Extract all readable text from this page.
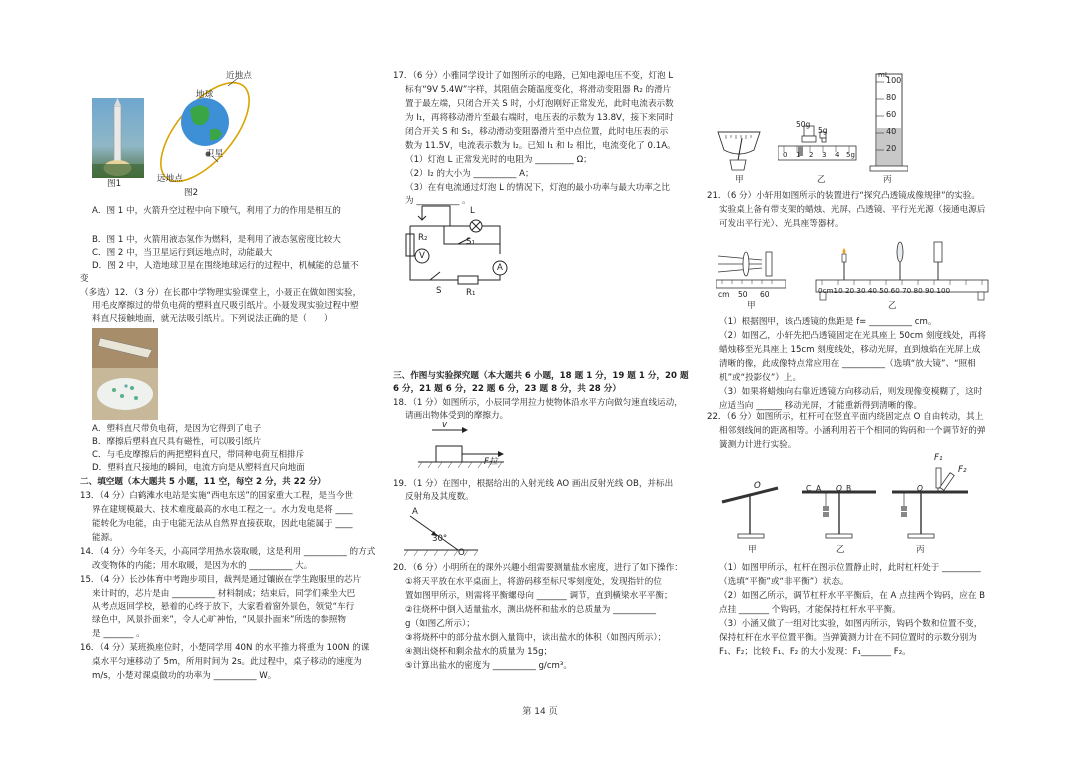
图1
近地点
地球
卫星
远地点
图2
A．图 1 中，火箭升空过程中向下喷气，利用了力的作用是相互的
B．图 1 中，火箭用液态氢作为燃料，是利用了液态氢密度比较大
C．图 2 中，当卫星运行到远地点时，动能最大
D．图 2 中，人造地球卫星在围绕地球运行的过程中，机械能的总量不
变
（多选）12．（3 分）在长郡中学物理实验课堂上，小聂正在做如图实验，
用毛皮摩擦过的带负电荷的塑料直尺吸引纸片。小聂发现实验过程中塑
料直尺接触地面，就无法吸引纸片。下列说法正确的是（　　）
A．塑料直尺带负电荷，是因为它得到了电子
B．摩擦后塑料直尺具有磁性，可以吸引纸片
C．与毛皮摩擦后的两把塑料直尺，带同种电荷互相排斥
D．塑料直尺接地的瞬间，电流方向是从塑料直尺向地面
二、填空题（本大题共 5 小题，11 空，每空 2 分，共 22 分）
13．（4 分）白鹤滩水电站是实施“西电东送”的国家重大工程，是当今世
界在建规模最大、技术难度最高的水电工程之一。水力发电是将 ____
能转化为电能，由于电能无法从自然界直接获取，因此电能属于 ____
能源。
14．（4 分）今年冬天，小高同学用热水袋取暖，这是利用 __________ 的方式
改变物体的内能；用水取暖，是因为水的 __________ 大。
15．（4 分）长沙体育中考跑步项目，裁判是通过镶嵌在学生跑服里的芯片
来计时的，芯片是由 __________ 材料制成；结束后，同学们乘坐大巴
从考点返回学校，悬着的心终于放下，大家看着窗外景色，领觉“车行
绿色中，风景扑面来”，令人心旷神怡，“风景扑面来”所选的参照物
是 _______ 。
16．（4 分）某班换座位时，小楚同学用 40N 的水平推力将重为 100N 的课
桌水平匀速移动了 5m，所用时间为 2s。此过程中，桌子移动的速度为
m/s，小楚对课桌做功的功率为 __________ W。
17．（6 分）小雅同学设计了如图所示的电路，已知电源电压不变，灯泡 L
标有“9V 5.4W”字样，其阻值会随温度变化，将滑动变阻器 R₂ 的滑片
置于最左端，只闭合开关 S 时，小灯泡刚好正常发光，此时电流表示数
为 I₁，再将移动滑片至最右端时，电压表的示数为 13.8V，接下来同时
闭合开关 S 和 S₁，移动滑动变阻器滑片至中点位置，此时电压表的示
数为 11.5V，电流表示数为 I₂。已知 I₁ 和 I₂ 相比，电流变化了 0.1A。
（1）灯泡 L 正常发光时的电阻为 _________ Ω；
（2）I₂ 的大小为 __________ A；
（3）在有电流通过灯泡 L 的情况下，灯泡的最小功率与最大功率之比
为 __________ 。
L
R₂	S₁
V
A
S	R₁
三、作图与实验探究题（本大题共 6 小题，18 题 1 分，19 题 1 分，20 题
6 分，21 题 6 分，22 题 6 分，23 题 8 分，共 28 分）
18．（1 分）如图所示，小辰同学用拉力使物体沿水平方向做匀速直线运动，
请画出物体受到的摩擦力。
v
F拉
19．（1 分）在图中，根据给出的入射光线 AO 画出反射光线 OB，并标出
反射角及其度数。
A
30°
O
20．（6 分）小明所在的课外兴趣小组需要测量盐水密度，进行了如下操作：
①将天平放在水平桌面上，将游码移至标尺零刻度处，发现指针的位
置如图甲所示，则需将平衡螺母向 _______ 调节，直到横梁水平平衡；
②往烧杯中倒入适量盐水，测出烧杯和盐水的总质量为 __________
g（如图乙所示）；
③将烧杯中的部分盐水倒入量筒中，读出盐水的体积（如图丙所示）；
④测出烧杯和剩余盐水的质量为 15g；
⑤计算出盐水的密度为 __________ g/cm³。
甲
50g
5g
0 1 2 3 4 5g
乙
mL
100
80
60
40
20
丙
21．（6 分）小轩用如图所示的装置进行“探究凸透镜成像规律”的实验。
实验桌上备有带支架的蜡烛、光屏、凸透镜、平行光光源（接通电源后
可发出平行光）、光具座等器材。
cm 50 60
甲
0cm10 20 30 40 50 60 70 80 90 100
乙
（1）根据图甲，该凸透镜的焦距是 f= __________ cm。
（2）如图乙，小轩先把凸透镜固定在光具座上 50cm 刻度线处，再将
蜡烛移至光具座上 15cm 刻度线处，移动光屏，直到烛焰在光屏上成
清晰的像，此成像特点常应用在 __________（选填“放大镜”、“照相
机”或“投影仪”）上。
（3）如果将蜡烛向右靠近透镜方向移动后，则发现像变模糊了，这时
应适当向 ______ 移动光屏，才能重新得到清晰的像。
22．（6 分）如图所示，杠杆可在竖直平面内绕固定点 O 自由转动，其上
相邻刻线间的距离相等。小涵利用若干个相同的钩码和一个调节好的弹
簧测力计进行实验。
O	C A O B	O
F₁
F₂
甲	乙	丙
（1）如图甲所示，杠杆在图示位置静止时，此时杠杆处于 _________
（选填“平衡”或“非平衡”）状态。
（2）如图乙所示，调节杠杆水平平衡后，在 A 点挂两个钩码，应在 B
点挂 _______ 个钩码，才能保持杠杆水平平衡。
（3）小涵又做了一组对比实验，如图丙所示，钩码个数和位置不变，
保持杠杆在水平位置平衡。当弹簧测力计在不同位置时的示数分别为
F₁、F₂；比较 F₁、F₂ 的大小发现：F₁_______ F₂。
第 14 页
